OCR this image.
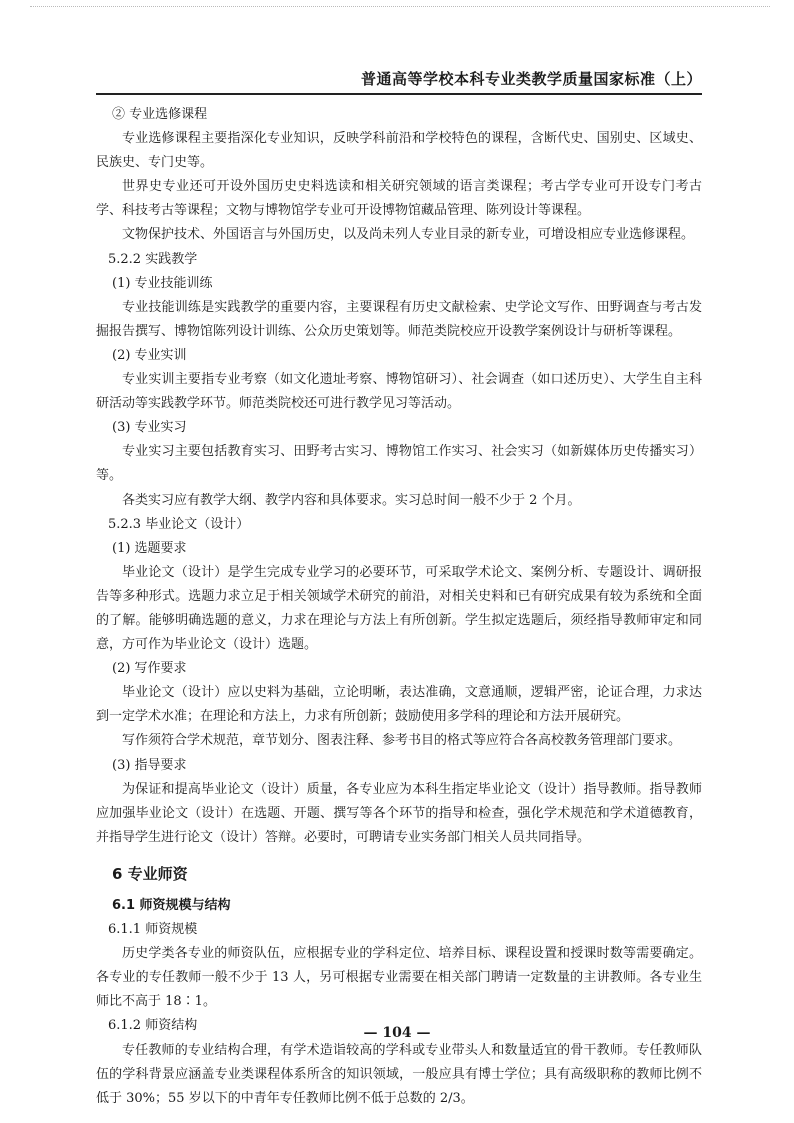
普通高等学校本科专业类教学质量国家标准（上）

② 专业选修课程

专业选修课程主要指深化专业知识，反映学科前沿和学校特色的课程，含断代史、国别史、区域史、民族史、专门史等。

世界史专业还可开设外国历史史料选读和相关研究领域的语言类课程；考古学专业可开设专门考古学、科技考古等课程；文物与博物馆学专业可开设博物馆藏品管理、陈列设计等课程。

文物保护技术、外国语言与外国历史，以及尚未列人专业目录的新专业，可增设相应专业选修课程。

5.2.2 实践教学

(1) 专业技能训练

专业技能训练是实践教学的重要内容，主要课程有历史文献检索、史学论文写作、田野调查与考古发掘报告撰写、博物馆陈列设计训练、公众历史策划等。师范类院校应开设教学案例设计与研析等课程。

(2) 专业实训

专业实训主要指专业考察（如文化遗址考察、博物馆研习）、社会调查（如口述历史）、大学生自主科研活动等实践教学环节。师范类院校还可进行教学见习等活动。

(3) 专业实习

专业实习主要包括教育实习、田野考古实习、博物馆工作实习、社会实习（如新媒体历史传播实习）等。

各类实习应有教学大纲、教学内容和具体要求。实习总时间一般不少于 2 个月。

5.2.3 毕业论文（设计）

(1) 选题要求

毕业论文（设计）是学生完成专业学习的必要环节，可采取学术论文、案例分析、专题设计、调研报告等多种形式。选题力求立足于相关领域学术研究的前沿，对相关史料和已有研究成果有较为系统和全面的了解。能够明确选题的意义，力求在理论与方法上有所创新。学生拟定选题后，须经指导教师审定和同意，方可作为毕业论文（设计）选题。

(2) 写作要求

毕业论文（设计）应以史料为基础，立论明晰，表达准确，文意通顺，逻辑严密，论证合理，力求达到一定学术水准；在理论和方法上，力求有所创新；鼓励使用多学科的理论和方法开展研究。

写作须符合学术规范，章节划分、图表注释、参考书目的格式等应符合各高校教务管理部门要求。

(3) 指导要求

为保证和提高毕业论文（设计）质量，各专业应为本科生指定毕业论文（设计）指导教师。指导教师应加强毕业论文（设计）在选题、开题、撰写等各个环节的指导和检查，强化学术规范和学术道德教育，并指导学生进行论文（设计）答辩。必要时，可聘请专业实务部门相关人员共同指导。

6 专业师资

6.1 师资规模与结构

6.1.1 师资规模

历史学类各专业的师资队伍，应根据专业的学科定位、培养目标、课程设置和授课时数等需要确定。各专业的专任教师一般不少于 13 人，另可根据专业需要在相关部门聘请一定数量的主讲教师。各专业生师比不高于 18∶1。

6.1.2 师资结构

专任教师的专业结构合理，有学术造诣较高的学科或专业带头人和数量适宜的骨干教师。专任教师队伍的学科背景应涵盖专业类课程体系所含的知识领域，一般应具有博士学位；具有高级职称的教师比例不低于 30%；55 岁以下的中青年专任教师比例不低于总数的 2/3。

— 104 —
